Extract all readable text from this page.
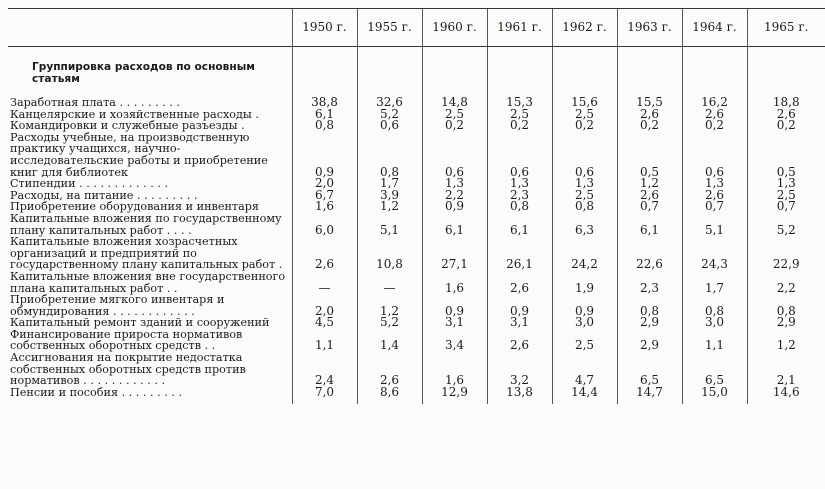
	1950 г.	1955 г.	1960 г.	1961 г.	1962 г.	1963 г.	1964 г.	1965 г.
Группировка расходов по основным статьям								
Заработная плата . . . . . . . . .	38,8	32,6	14,8	15,3	15,6	15,5	16,2	18,8
Канцелярские и хозяйственные расходы .	6,1	5,2	2,5	2,5	2,5	2,6	2,6	2,6
Командировки и служебные разъезды .	0,8	0,6	0,2	0,2	0,2	0,2	0,2	0,2
Расходы учебные, на производственную практику учащихся, научно-исследовательские работы и приобретение книг для библиотек	0,9	0,8	0,6	0,6	0,6	0,5	0,6	0,5
Стипендии . . . . . . . . . . . . .	2,0	1,7	1,3	1,3	1,3	1,2	1,3	1,3
Расходы, на питание . . . . . . . . .	6,7	3,9	2,2	2,3	2,5	2,6	2,6	2,5
Приобретение оборудования и инвентаря	1,6	1,2	0,9	0,8	0,8	0,7	0,7	0,7
Капитальные вложения по государственному плану капитальных работ . . . .	6,0	5,1	6,1	6,1	6,3	6,1	5,1	5,2
Капитальные вложения хозрасчетных организаций и предприятий по государственному плану капитальных работ .	2,6	10,8	27,1	26,1	24,2	22,6	24,3	22,9
Капитальные вложения вне государственного плана капитальных работ . .	—	—	1,6	2,6	1,9	2,3	1,7	2,2
Приобретение мягкого инвентаря и обмундирования . . . . . . . . . . . .	2,0	1,2	0,9	0,9	0,9	0,8	0,8	0,8
Капитальный ремонт зданий и сооружений	4,5	5,2	3,1	3,1	3,0	2,9	3,0	2,9
Финансирование прироста нормативов собственных оборотных средств . .	1,1	1,4	3,4	2,6	2,5	2,9	1,1	1,2
Ассигнования на покрытие недостатка собственных оборотных средств против нормативов . . . . . . . . . . . .	2,4	2,6	1,6	3,2	4,7	6,5	6,5	2,1
Пенсии и пособия . . . . . . . . .	7,0	8,6	12,9	13,8	14,4	14,7	15,0	14,6
